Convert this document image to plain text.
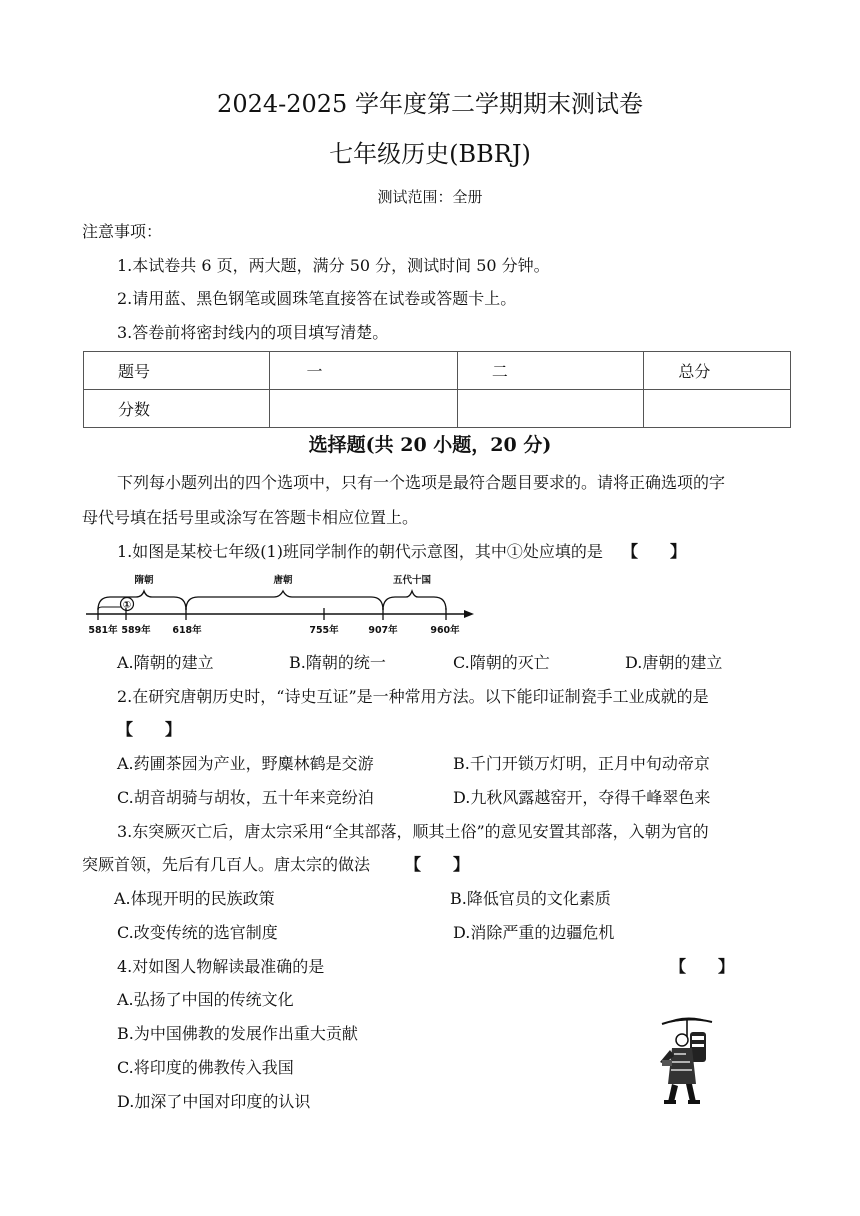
2024-2025 学年度第二学期期末测试卷
七年级历史(BBRJ)
测试范围：全册
注意事项：
1.本试卷共 6 页，两大题，满分 50 分，测试时间 50 分钟。
2.请用蓝、黑色钢笔或圆珠笔直接答在试卷或答题卡上。
3.答卷前将密封线内的项目填写清楚。
题号	一	二	总分
分数			
选择题(共 20 小题，20 分)
下列每小题列出的四个选项中，只有一个选项是最符合题目要求的。请将正确选项的字
母代号填在括号里或涂写在答题卡相应位置上。
1.如图是某校七年级(1)班同学制作的朝代示意图，其中①处应填的是 【　　】
隋朝	唐朝	五代十国
①
581年 589年 618年	755年	907年	960年
A.隋朝的建立	B.隋朝的统一	C.隋朝的灭亡	D.唐朝的建立
2.在研究唐朝历史时，“诗史互证”是一种常用方法。以下能印证制瓷手工业成就的是
【　　】
A.药圃茶园为产业，野麋林鹤是交游	B.千门开锁万灯明，正月中旬动帝京
C.胡音胡骑与胡妆，五十年来竞纷泊	D.九秋风露越窑开，夺得千峰翠色来
3.东突厥灭亡后，唐太宗采用“全其部落，顺其土俗”的意见安置其部落，入朝为官的
突厥首领，先后有几百人。唐太宗的做法 【　　】
A.体现开明的民族政策	B.降低官员的文化素质
C.改变传统的选官制度	D.消除严重的边疆危机
4.对如图人物解读最准确的是	【　　】
A.弘扬了中国的传统文化
B.为中国佛教的发展作出重大贡献
C.将印度的佛教传入我国
D.加深了中国对印度的认识
